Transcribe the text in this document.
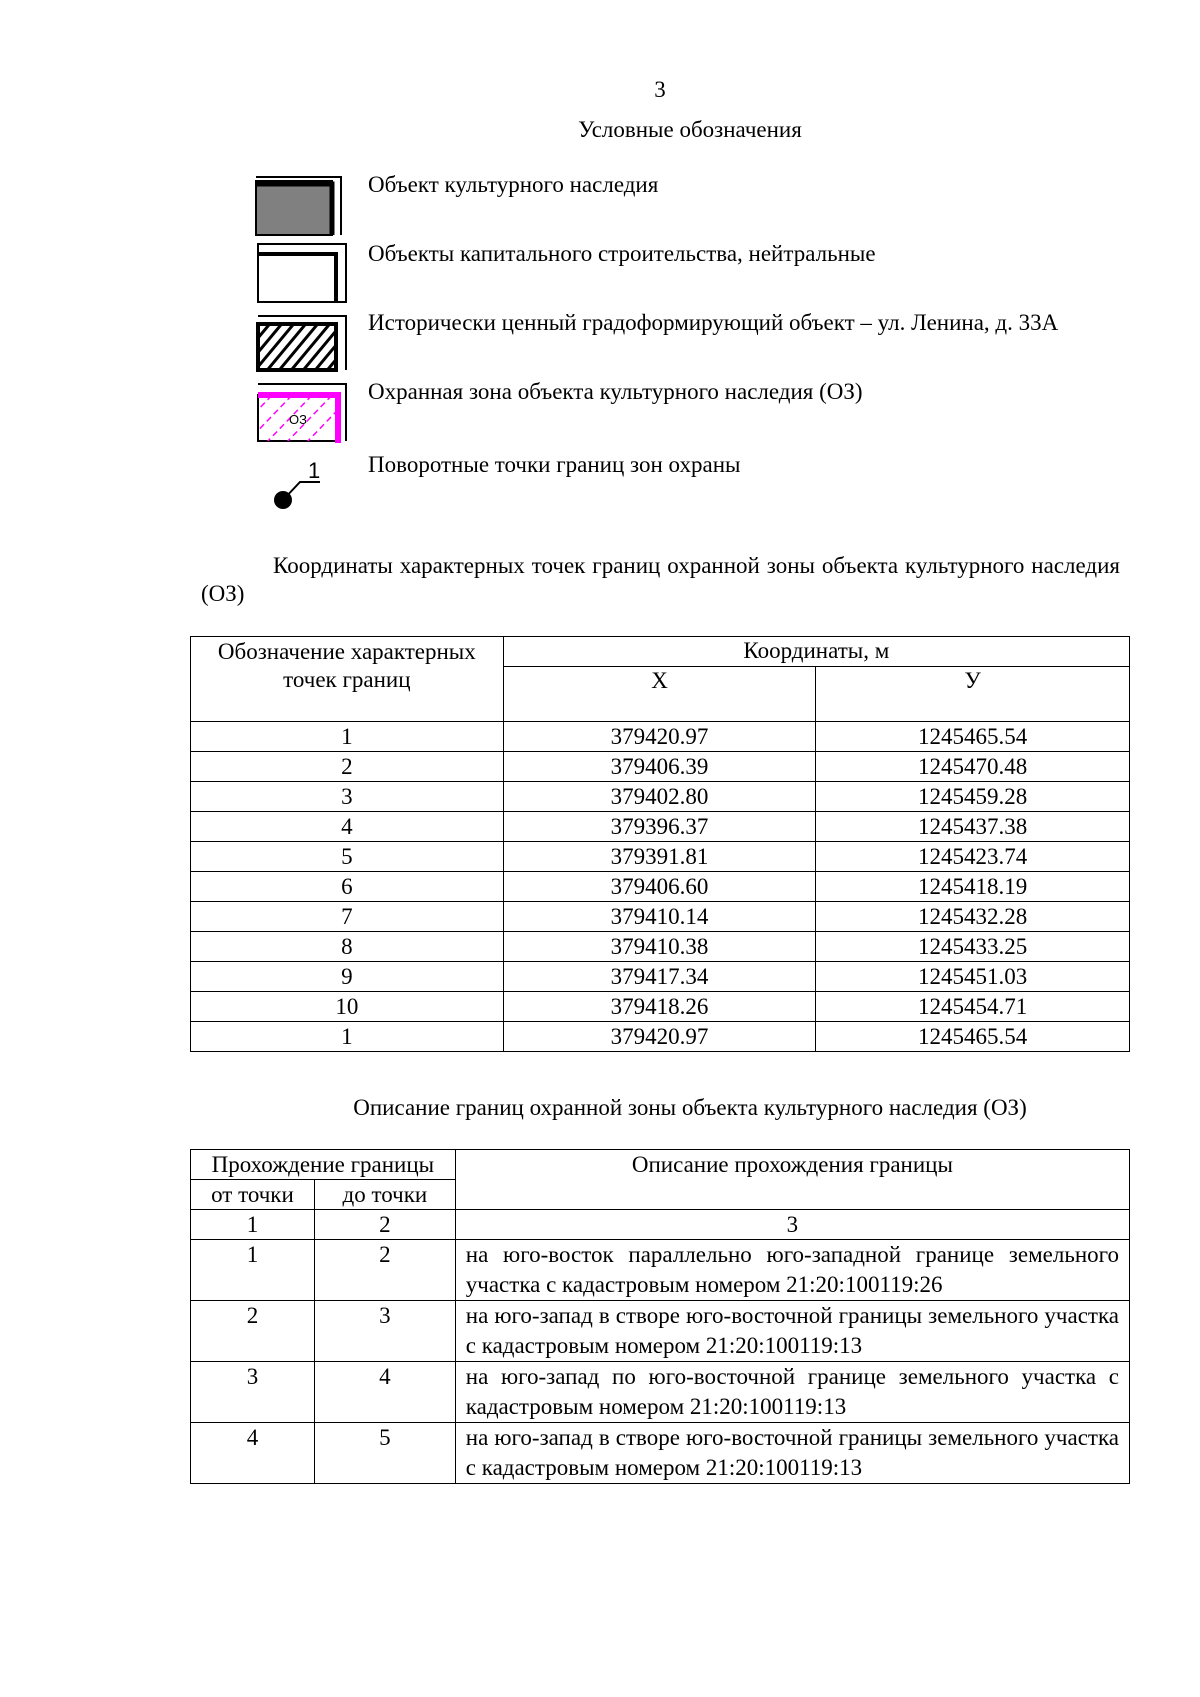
3
Условные обозначения
ОЗ
1
Объект культурного наследия
Объекты капитального строительства, нейтральные
Исторически ценный градоформирующий объект – ул. Ленина, д. 33А
Охранная зона объекта культурного наследия (ОЗ)
Поворотные точки границ зон охраны
Координаты характерных точек границ охранной зоны объекта культурного наследия (ОЗ)
Обозначение характерных точек границ	Координаты, м	
	Х	У
1	379420.97	1245465.54
2	379406.39	1245470.48
3	379402.80	1245459.28
4	379396.37	1245437.38
5	379391.81	1245423.74
6	379406.60	1245418.19
7	379410.14	1245432.28
8	379410.38	1245433.25
9	379417.34	1245451.03
10	379418.26	1245454.71
1	379420.97	1245465.54
Описание границ охранной зоны объекта культурного наследия (ОЗ)
Прохождение границы		Описание прохождения границы
от точки	до точки	
1	2	3
1	2	на юго-восток параллельно юго-западной границе земельного участка с кадастровым номером 21:20:100119:26
2	3	на юго-запад в створе юго-восточной границы земельного участка с кадастровым номером 21:20:100119:13
3	4	на юго-запад по юго-восточной границе земельного участка с кадастровым номером 21:20:100119:13
4	5	на юго-запад в створе юго-восточной границы земельного участка с кадастровым номером 21:20:100119:13
